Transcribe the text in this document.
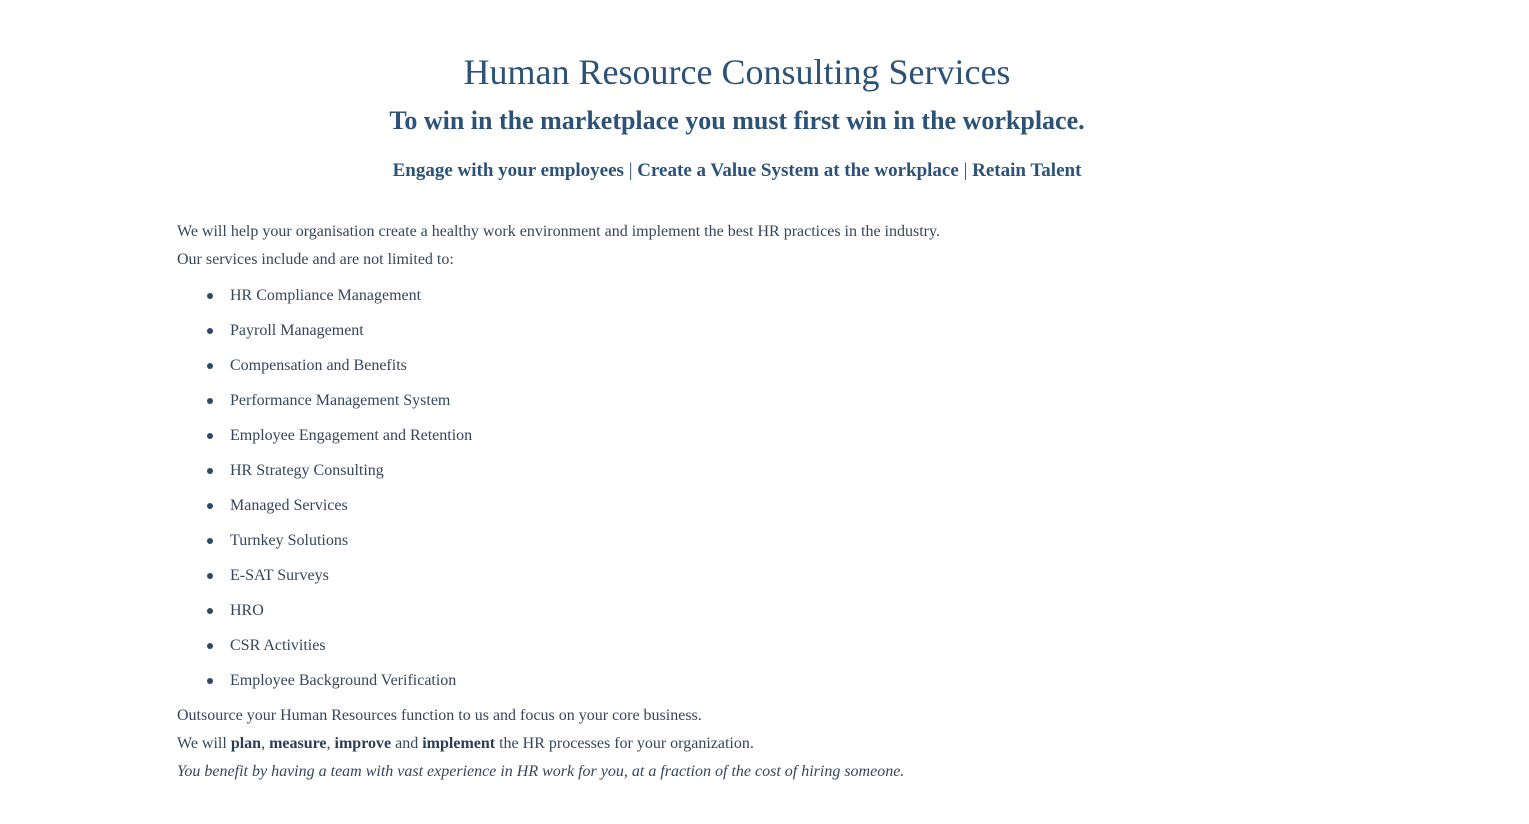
Human Resource Consulting Services
To win in the marketplace you must first win in the workplace.
Engage with your employees | Create a Value System at the workplace | Retain Talent

We will help your organisation create a healthy work environment and implement the best HR practices in the industry.

Our services include and are not limited to:

HR Compliance Management
Payroll Management
Compensation and Benefits
Performance Management System
Employee Engagement and Retention
HR Strategy Consulting
Managed Services
Turnkey Solutions
E-SAT Surveys
HRO
CSR Activities
Employee Background Verification

Outsource your Human Resources function to us and focus on your core business.

We will plan, measure, improve and implement the HR processes for your organization.

You benefit by having a team with vast experience in HR work for you, at a fraction of the cost of hiring someone.
